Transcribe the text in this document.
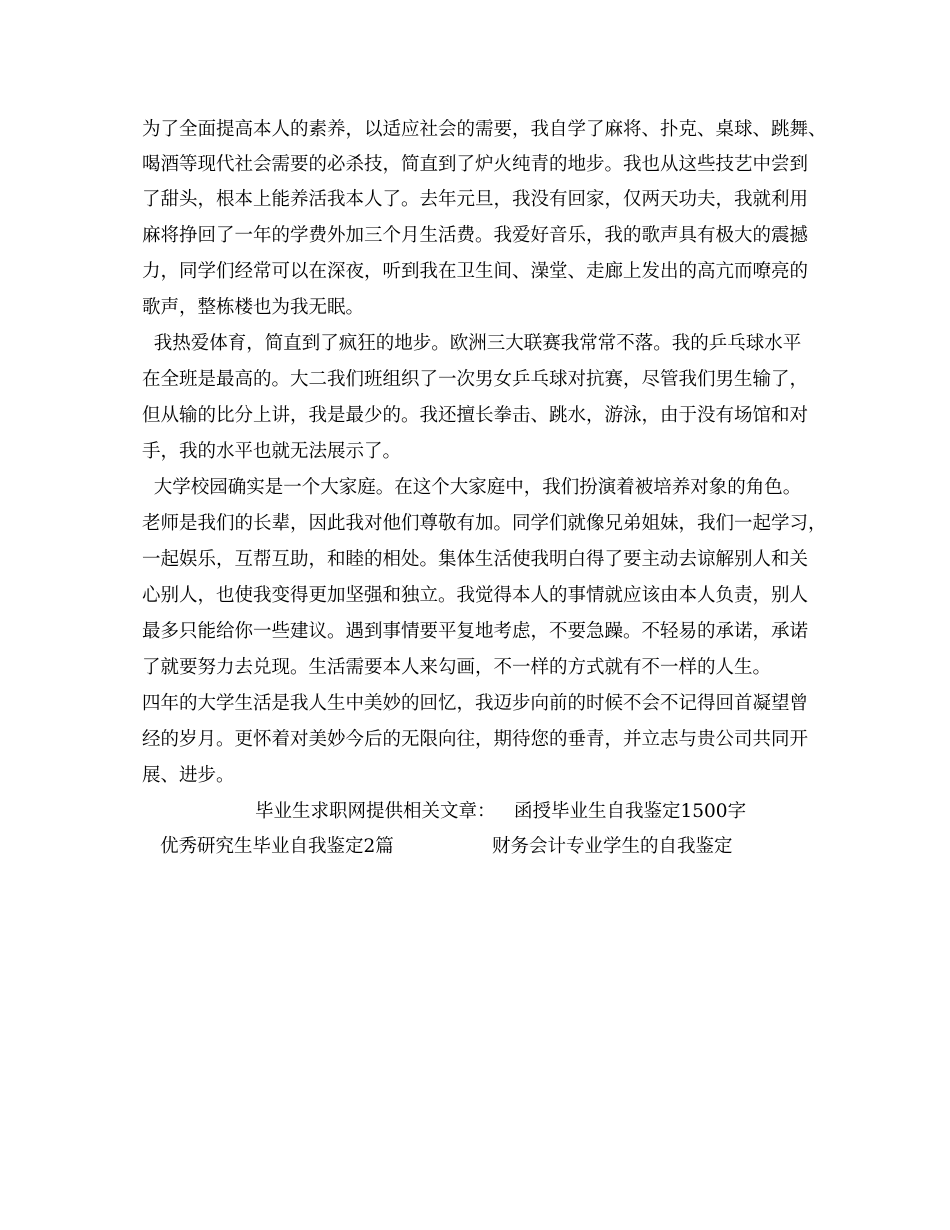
为了全面提高本人的素养，以适应社会的需要，我自学了麻将、扑克、桌球、跳舞、
喝酒等现代社会需要的必杀技，简直到了炉火纯青的地步。我也从这些技艺中尝到
了甜头，根本上能养活我本人了。去年元旦，我没有回家，仅两天功夫，我就利用
麻将挣回了一年的学费外加三个月生活费。我爱好音乐，我的歌声具有极大的震撼
力，同学们经常可以在深夜，听到我在卫生间、澡堂、走廊上发出的高亢而嘹亮的
歌声，整栋楼也为我无眠。
我热爱体育，简直到了疯狂的地步。欧洲三大联赛我常常不落。我的乒乓球水平
在全班是最高的。大二我们班组织了一次男女乒乓球对抗赛，尽管我们男生输了，
但从输的比分上讲，我是最少的。我还擅长拳击、跳水，游泳，由于没有场馆和对
手，我的水平也就无法展示了。
大学校园确实是一个大家庭。在这个大家庭中，我们扮演着被培养对象的角色。
老师是我们的长辈，因此我对他们尊敬有加。同学们就像兄弟姐妹，我们一起学习，
一起娱乐，互帮互助，和睦的相处。集体生活使我明白得了要主动去谅解别人和关
心别人，也使我变得更加坚强和独立。我觉得本人的事情就应该由本人负责，别人
最多只能给你一些建议。遇到事情要平复地考虑，不要急躁。不轻易的承诺，承诺
了就要努力去兑现。生活需要本人来勾画，不一样的方式就有不一样的人生。
四年的大学生活是我人生中美妙的回忆，我迈步向前的时候不会不记得回首凝望曾
经的岁月。更怀着对美妙今后的无限向往，期待您的垂青，并立志与贵公司共同开
展、进步。
毕业生求职网提供相关文章： 函授毕业生自我鉴定1500字
优秀研究生毕业自我鉴定2篇	财务会计专业学生的自我鉴定
